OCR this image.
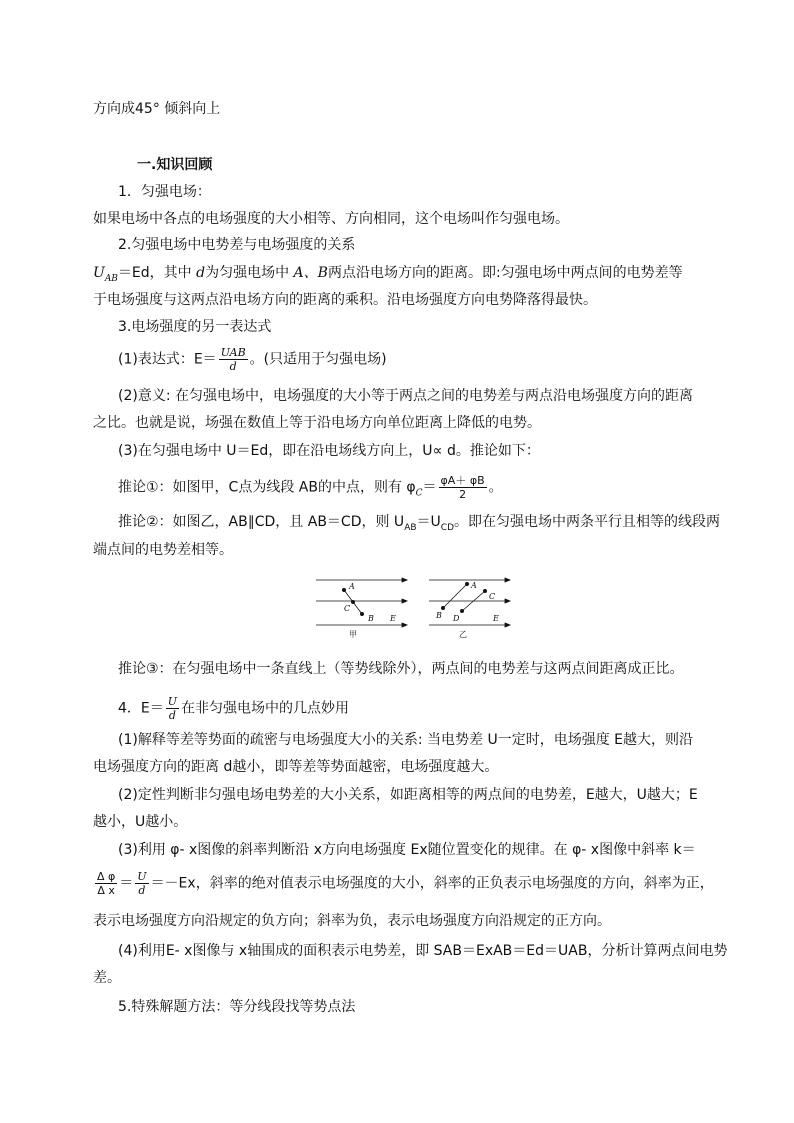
方向成45° 倾斜向上
一.知识回顾
1．匀强电场：
如果电场中各点的电场强度的大小相等、方向相同，这个电场叫作匀强电场。
2.匀强电场中电势差与电场强度的关系
$U_{AB}=Ed$，其中 d为匀强电场中 A、B两点沿电场方向的距离。即:匀强电场中两点间的电势差等
于电场强度与这两点沿电场方向的距离的乘积。沿电场强度方向电势降落得最快。
3.电场强度的另一表达式
(1)表达式：$E= \frac{\text{UAB}}{d}$ 。(只适用于匀强电场)
(2)意义: 在匀强电场中，电场强度的大小等于两点之间的电势差与两点沿电场强度方向的距离
之比。也就是说，场强在数值上等于沿电场方向单位距离上降低的电势。
(3)在匀强电场中 U＝Ed，即在沿电场线方向上，U∝ d。推论如下：
推论①：如图甲，C点为线段 AB的中点，则有 $\varphi_C= \frac{\varphi A+ \varphi B}{2}$ 。
推论②：如图乙，AB∥CD，且 AB＝CD，则 $U_{AB}=U_{CD}$。即在匀强电场中两条平行且相等的线段两
端点间的电势差相等。
A
C
B E
A
C
B D	E
甲	乙
推论③：在匀强电场中一条直线上（等势线除外），两点间的电势差与这两点间距离成正比。
4．$E= \frac{U}{d}$ 在非匀强电场中的几点妙用
(1)解释等差等势面的疏密与电场强度大小的关系: 当电势差 U一定时，电场强度 E越大，则沿
电场强度方向的距离 d越小，即等差等势面越密，电场强度越大。
(2)定性判断非匀强电场电势差的大小关系，如距离相等的两点间的电势差，E越大，U越大；E
越小，U越小。
(3)利用 φ- x图像的斜率判断沿 x方向电场强度 Ex随位置变化的规律。在 φ- x图像中斜率 k＝
$\frac{\text{Δ φ}}{\text{Δ x}} = \frac{U}{d} =-Ex$，斜率的绝对值表示电场强度的大小，斜率的正负表示电场强度的方向，斜率为正，
表示电场强度方向沿规定的负方向；斜率为负，表示电场强度方向沿规定的正方向。
(4)利用E- x图像与 x轴围成的面积表示电势差，即 SAB＝ExAB＝Ed＝UAB，分析计算两点间电势
差。
5.特殊解题方法：等分线段找等势点法
